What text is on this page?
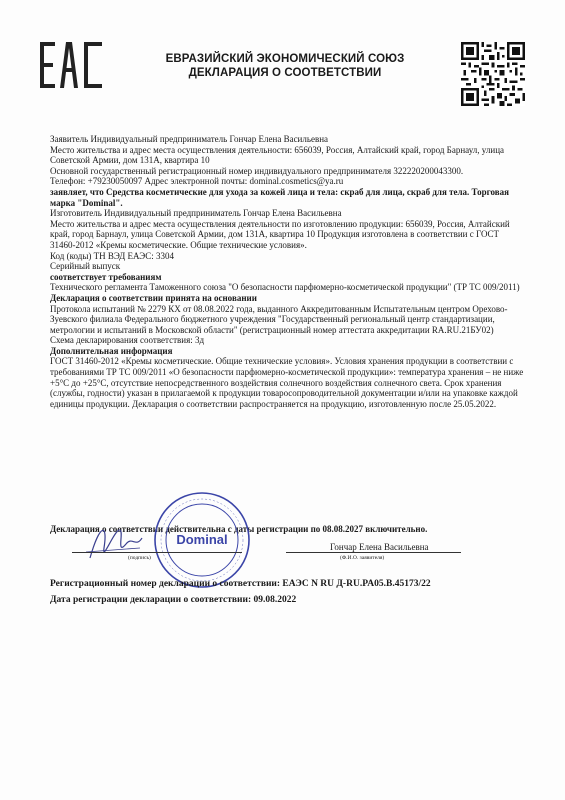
ЕВРАЗИЙСКИЙ ЭКОНОМИЧЕСКИЙ СОЮЗ
ДЕКЛАРАЦИЯ О СООТВЕТСТВИИ

Заявитель Индивидуальный предприниматель Гончар Елена Васильевна

Место жительства и адрес места осуществления деятельности: 656039, Россия, Алтайский край, город Барнаул, улица Советской Армии, дом 131А, квартира 10

Основной государственный регистрационный номер индивидуального предпринимателя 322220200043300.

Телефон: +79230050097 Адрес электронной почты: dominal.cosmetics@ya.ru

заявляет, что Средства косметические для ухода за кожей лица и тела: скраб для лица, скраб для тела. Торговая марка "Dominal".

Изготовитель Индивидуальный предприниматель Гончар Елена Васильевна

Место жительства и адрес места осуществления деятельности по изготовлению продукции: 656039, Россия, Алтайский край, город Барнаул, улица Советской Армии, дом 131А, квартира 10 Продукция изготовлена в соответствии с ГОСТ 31460-2012 «Кремы косметические. Общие технические условия».

Код (коды) ТН ВЭД ЕАЭС: 3304

Серийный выпуск

соответствует требованиям

Технического регламента Таможенного союза "О безопасности парфюмерно-косметической продукции" (ТР ТС 009/2011)

Декларация о соответствии принята на основании

Протокола испытаний № 2279 КХ от 08.08.2022 года, выданного Аккредитованным Испытательным центром Орехово-Зуевского филиала Федерального бюджетного учреждения "Государственный региональный центр стандартизации, метрологии и испытаний в Московской области" (регистрационный номер аттестата аккредитации RA.RU.21БУ02)

Схема декларирования соответствия: 3д

Дополнительная информация

ГОСТ 31460-2012 «Кремы косметические. Общие технические условия». Условия хранения продукции в соответствии с требованиями ТР ТС 009/2011 «О безопасности парфюмерно-косметической продукции»: температура хранения – не ниже +5°С до +25°С, отсутствие непосредственного воздействия солнечного воздействия солнечного света. Срок хранения (службы, годности) указан в прилагаемой к продукции товаросопроводительной документации и/или на упаковке каждой единицы продукции. Декларация о соответствии распространяется на продукцию, изготовленную после 25.05.2022.

Декларация о соответствии действительна с даты регистрации по 08.08.2027 включительно.
Dominal
(подпись)
Гончар Елена Васильевна
(Ф.И.О. заявителя)
Регистрационный номер декларации о соответствии: ЕАЭС N RU Д-RU.PA05.B.45173/22
Дата регистрации декларации о соответствии: 09.08.2022
